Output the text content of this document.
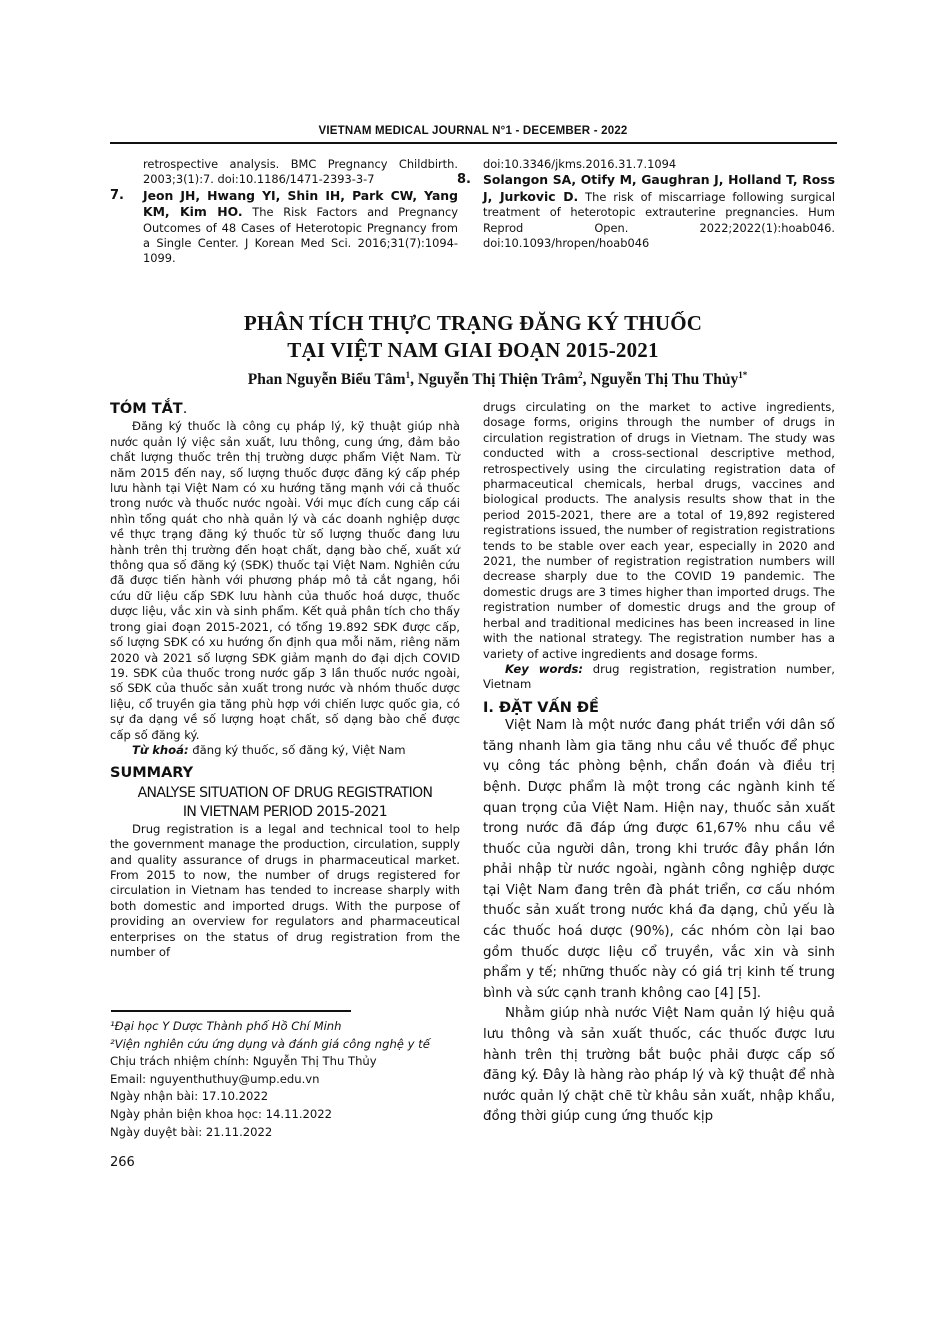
VIETNAM MEDICAL JOURNAL N°1 - DECEMBER - 2022

retrospective analysis. BMC Pregnancy Childbirth. 2003;3(1):7. doi:10.1186/1471-2393-3-7

7.	Jeon JH, Hwang YI, Shin IH, Park CW, Yang KM, Kim HO. The Risk Factors and Pregnancy Outcomes of 48 Cases of Heterotopic Pregnancy from a Single Center. J Korean Med Sci. 2016;31(7):1094-1099.

doi:10.3346/jkms.2016.31.7.1094

8. Solangon SA, Otify M, Gaughran J, Holland T, Ross J, Jurkovic D. The risk of miscarriage following surgical treatment of heterotopic extrauterine pregnancies. Hum Reprod Open. 2022;2022(1):hoab046. doi:10.1093/hropen/hoab046
PHÂN TÍCH THỰC TRẠNG ĐĂNG KÝ THUỐC
TẠI VIỆT NAM GIAI ĐOẠN 2015-2021
Phan Nguyễn Biểu Tâm$^1$, Nguyễn Thị Thiện Trâm$^2$, Nguyễn Thị Thu Thủy$^{1*}$
TÓM TẮT.

Đăng ký thuốc là công cụ pháp lý, kỹ thuật giúp nhà nước quản lý việc sản xuất, lưu thông, cung ứng, đảm bảo chất lượng thuốc trên thị trường dược phẩm Việt Nam. Từ năm 2015 đến nay, số lượng thuốc được đăng ký cấp phép lưu hành tại Việt Nam có xu hướng tăng mạnh với cả thuốc trong nước và thuốc nước ngoài. Với mục đích cung cấp cái nhìn tổng quát cho nhà quản lý và các doanh nghiệp dược về thực trạng đăng ký thuốc từ số lượng thuốc đang lưu hành trên thị trường đến hoạt chất, dạng bào chế, xuất xứ thông qua số đăng ký (SĐK) thuốc tại Việt Nam. Nghiên cứu đã được tiến hành với phương pháp mô tả cắt ngang, hồi cứu dữ liệu cấp SĐK lưu hành của thuốc hoá dược, thuốc dược liệu, vắc xin và sinh phẩm. Kết quả phân tích cho thấy trong giai đoạn 2015-2021, có tổng 19.892 SĐK được cấp, số lượng SĐK có xu hướng ổn định qua mỗi năm, riêng năm 2020 và 2021 số lượng SĐK giảm mạnh do đại dịch COVID 19. SĐK của thuốc trong nước gấp 3 lần thuốc nước ngoài, số SĐK của thuốc sản xuất trong nước và nhóm thuốc dược liệu, cổ truyền gia tăng phù hợp với chiến lược quốc gia, có sự đa dạng về số lượng hoạt chất, số dạng bào chế được cấp số đăng ký.

Từ khoá: đăng ký thuốc, số đăng ký, Việt Nam

SUMMARY
ANALYSE SITUATION OF DRUG REGISTRATION
IN VIETNAM PERIOD 2015-2021

Drug registration is a legal and technical tool to help the government manage the production, circulation, supply and quality assurance of drugs in pharmaceutical market. From 2015 to now, the number of drugs registered for circulation in Vietnam has tended to increase sharply with both domestic and imported drugs. With the purpose of providing an overview for regulators and pharmaceutical enterprises on the status of drug registration from the number of

¹Đại học Y Dược Thành phố Hồ Chí Minh
²Viện nghiên cứu ứng dụng và đánh giá công nghệ y tế
Chịu trách nhiệm chính: Nguyễn Thị Thu Thủy
Email: nguyenthuthuy@ump.edu.vn
Ngày nhận bài: 17.10.2022
Ngày phản biện khoa học: 14.11.2022
Ngày duyệt bài: 21.11.2022
266

drugs circulating on the market to active ingredients, dosage forms, origins through the number of drugs in circulation registration of drugs in Vietnam. The study was conducted with a cross-sectional descriptive method, retrospectively using the circulating registration data of pharmaceutical chemicals, herbal drugs, vaccines and biological products. The analysis results show that in the period 2015-2021, there are a total of 19,892 registered registrations issued, the number of registration registrations tends to be stable over each year, especially in 2020 and 2021, the number of registration registration numbers will decrease sharply due to the COVID 19 pandemic. The domestic drugs are 3 times higher than imported drugs. The registration number of domestic drugs and the group of herbal and traditional medicines has been increased in line with the national strategy. The registration number has a variety of active ingredients and dosage forms.

Key words: drug registration, registration number, Vietnam

I. ĐẶT VẤN ĐỀ

Việt Nam là một nước đang phát triển với dân số tăng nhanh làm gia tăng nhu cầu về thuốc để phục vụ công tác phòng bệnh, chẩn đoán và điều trị bệnh. Dược phẩm là một trong các ngành kinh tế quan trọng của Việt Nam. Hiện nay, thuốc sản xuất trong nước đã đáp ứng được 61,67% nhu cầu về thuốc của người dân, trong khi trước đây phần lớn phải nhập từ nước ngoài, ngành công nghiệp dược tại Việt Nam đang trên đà phát triển, cơ cấu nhóm thuốc sản xuất trong nước khá đa dạng, chủ yếu là các thuốc hoá dược (90%), các nhóm còn lại bao gồm thuốc dược liệu cổ truyền, vắc xin và sinh phẩm y tế; những thuốc này có giá trị kinh tế trung bình và sức cạnh tranh không cao [4] [5].

Nhằm giúp nhà nước Việt Nam quản lý hiệu quả lưu thông và sản xuất thuốc, các thuốc được lưu hành trên thị trường bắt buộc phải được cấp số đăng ký. Đây là hàng rào pháp lý và kỹ thuật để nhà nước quản lý chặt chẽ từ khâu sản xuất, nhập khẩu, đồng thời giúp cung ứng thuốc kịp
